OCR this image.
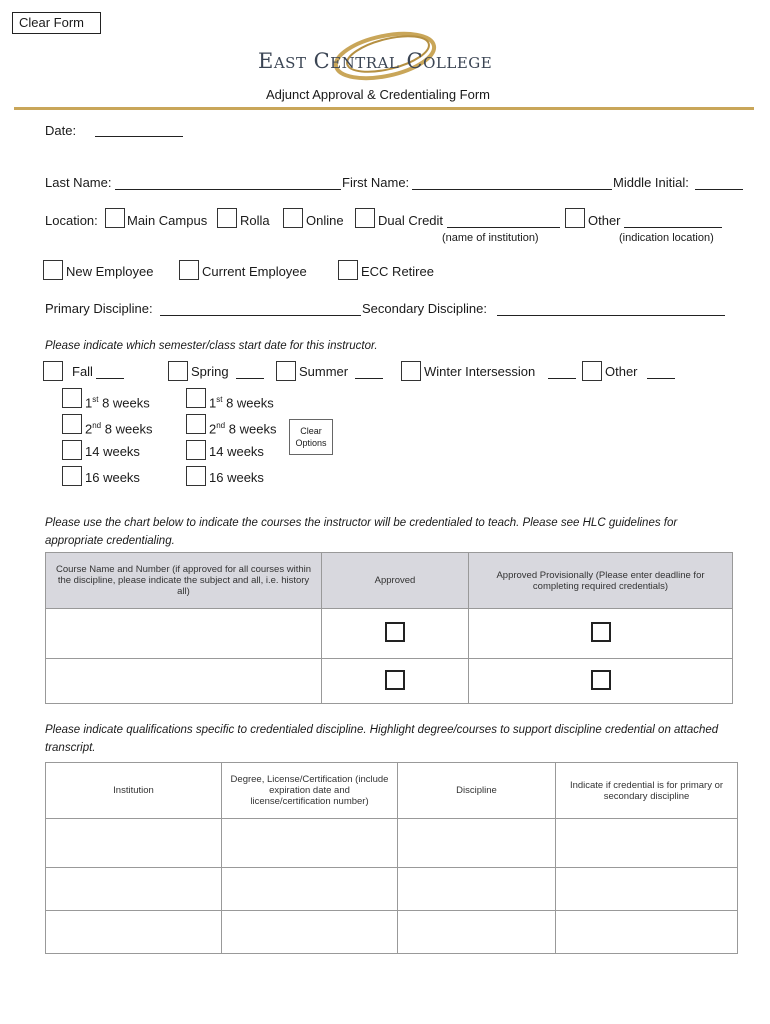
Clear Form
East Central College
Adjunct Approval & Credentialing Form
Date:
Last Name:	First Name:	Middle Initial:
Location: Main Campus	Rolla	Online	Dual Credit
(name of institution)
Other
(indication location)
New Employee	Current Employee	ECC Retiree
Primary Discipline:	Secondary Discipline:
Please indicate which semester/class start date for this instructor.
Fall	Spring	Summer	Winter Intersession	Other
1st 8 weeks
2nd 8 weeks
14 weeks
16 weeks
1st 8 weeks
2nd 8 weeks
14 weeks
16 weeks
Clear Options
Please use the chart below to indicate the courses the instructor will be credentialed to teach. Please see HLC guidelines for appropriate credentialing.
Course Name and Number (if approved for all courses within the discipline, please indicate the subject and all, i.e. history all)	Approved	Approved Provisionally (Please enter deadline for completing required credentials)

Please indicate qualifications specific to credentialed discipline. Highlight degree/courses to support discipline credential on attached transcript.
Institution	Degree, License/Certification (include expiration date and license/certification number)	Discipline	Indicate if credential is for primary or secondary discipline
